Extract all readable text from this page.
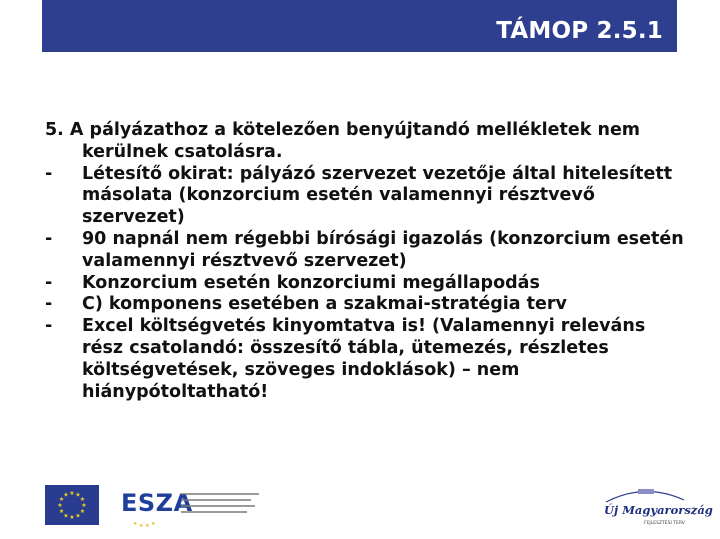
TÁMOP 2.5.1

5. A pályázathoz a kötelezően benyújtandó mellékletek nem kerülnek csatolásra.

- Létesítő okirat: pályázó szervezet vezetője által hitelesített másolata (konzorcium esetén valamennyi résztvevő szervezet)
- 90 napnál nem régebbi bírósági igazolás (konzorcium esetén valamennyi résztvevő szervezet)
- Konzorcium esetén konzorciumi megállapodás
- C) komponens esetében a szakmai-stratégia terv
- Excel költségvetés kinyomtatva is! (Valamennyi releváns rész csatolandó: összesítő tábla, ütemezés, részletes költségvetések, szöveges indoklások) – nem hiánypótoltatható!
★ ★
★
★
★
★
★
★
★
★
★
★
★ ★ ★ ★
ESZA	Új Magyarország
FEJLESZTÉSI TERV
